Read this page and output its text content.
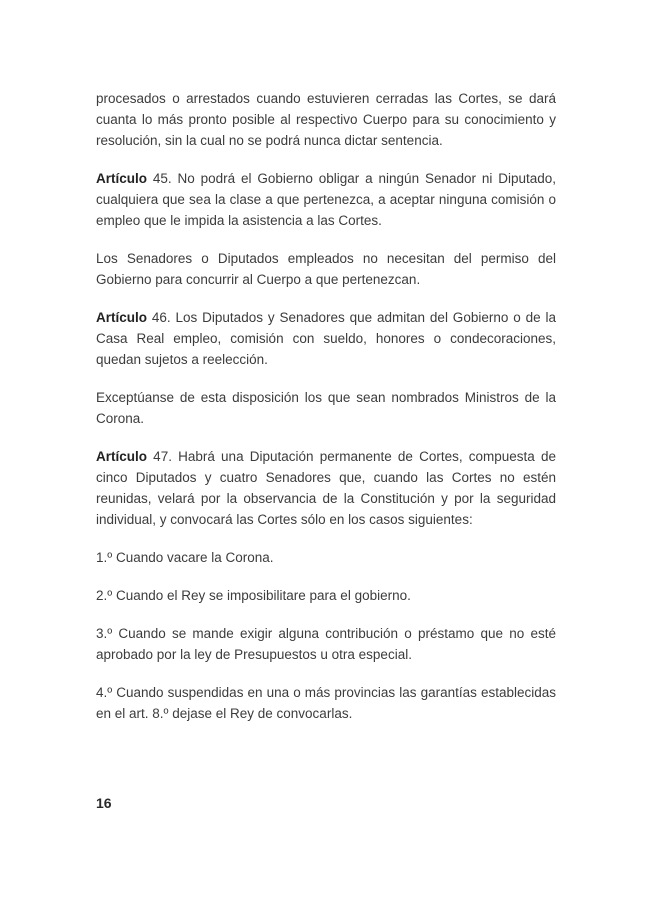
procesados o arrestados cuando estuvieren cerradas las Cortes, se dará cuanta lo más pronto posible al respectivo Cuerpo para su conocimiento y resolución, sin la cual no se podrá nunca dictar sentencia.

Artículo 45. No podrá el Gobierno obligar a ningún Senador ni Diputado, cualquiera que sea la clase a que pertenezca, a aceptar ninguna comisión o empleo que le impida la asistencia a las Cortes.

Los Senadores o Diputados empleados no necesitan del permiso del Gobierno para concurrir al Cuerpo a que pertenezcan.

Artículo 46. Los Diputados y Senadores que admitan del Gobierno o de la Casa Real empleo, comisión con sueldo, honores o condecoraciones, quedan sujetos a reelección.

Exceptúanse de esta disposición los que sean nombrados Ministros de la Corona.

Artículo 47. Habrá una Diputación permanente de Cortes, compuesta de cinco Diputados y cuatro Senadores que, cuando las Cortes no estén reunidas, velará por la observancia de la Constitución y por la seguridad individual, y convocará las Cortes sólo en los casos siguientes:

1.º Cuando vacare la Corona.

2.º Cuando el Rey se imposibilitare para el gobierno.

3.º Cuando se mande exigir alguna contribución o préstamo que no esté aprobado por la ley de Presupuestos u otra especial.

4.º Cuando suspendidas en una o más provincias las garantías establecidas en el art. 8.º dejase el Rey de convocarlas.

16
